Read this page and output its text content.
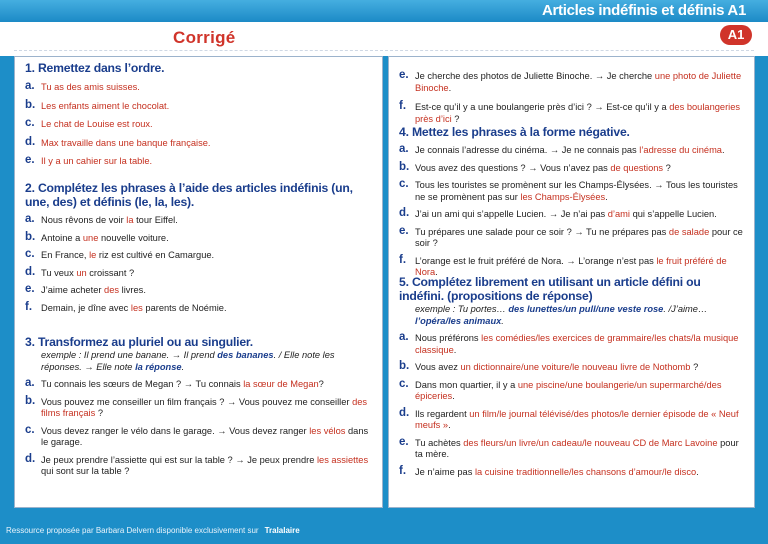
Articles indéfinis et définis A1
Corrigé	A1
1. Remettez dans l’ordre.
a. Tu as des amis suisses.
b. Les enfants aiment le chocolat.
c. Le chat de Louise est roux.
d. Max travaille dans une banque française.
e. Il y a un cahier sur la table.
2. Complétez les phrases à l’aide des articles indéfinis (un, une, des) et définis (le, la, les).
a. Nous rêvons de voir la tour Eiffel.
b. Antoine a une nouvelle voiture.
c. En France, le riz est cultivé en Camargue.
d. Tu veux un croissant ?
e. J’aime acheter des livres.
f. Demain, je dîne avec les parents de Noémie.
3. Transformez au pluriel ou au singulier.
exemple : Il prend une banane. → Il prend des bananes. / Elle note les réponses. → Elle note la réponse.
a. Tu connais les sœurs de Megan ? → Tu connais la sœur de Megan?
b. Vous pouvez me conseiller un film français ? → Vous pouvez me conseiller des films français ?
c. Vous devez ranger le vélo dans le garage. → Vous devez ranger les vélos dans le garage.
d. Je peux prendre l’assiette qui est sur la table ? → Je peux prendre les assiettes qui sont sur la table ?
e. Je cherche des photos de Juliette Binoche. → Je cherche une photo de Juliette Binoche.
f. Est-ce qu’il y a une boulangerie près d’ici ? → Est-ce qu’il y a des boulangeries près d’ici ?
4. Mettez les phrases à la forme négative.
a. Je connais l’adresse du cinéma. → Je ne connais pas l’adresse du cinéma.
b. Vous avez des questions ? → Vous n’avez pas de questions ?
c. Tous les touristes se promènent sur les Champs-Élysées. → Tous les touristes ne se promènent pas sur les Champs-Élysées.
d. J’ai un ami qui s’appelle Lucien. → Je n’ai pas d’ami qui s’appelle Lucien.
e. Tu prépares une salade pour ce soir ? → Tu ne prépares pas de salade pour ce soir ?
f. L’orange est le fruit préféré de Nora. → L’orange n’est pas le fruit préféré de Nora.
5. Complétez librement en utilisant un article défini ou indéfini. (propositions de réponse)
exemple : Tu portes… des lunettes/un pull/une veste rose. /J’aime… l’opéra/les animaux.
a. Nous préférons les comédies/les exercices de grammaire/les chats/la musique classique.
b. Vous avez un dictionnaire/une voiture/le nouveau livre de Nothomb ?
c. Dans mon quartier, il y a une piscine/une boulangerie/un supermarché/des épiceries.
d. Ils regardent un film/le journal télévisé/des photos/le dernier épisode de « Neuf meufs ».
e. Tu achètes des fleurs/un livre/un cadeau/le nouveau CD de Marc Lavoine pour ta mère.
f. Je n’aime pas la cuisine traditionnelle/les chansons d’amour/le disco.
Ressource proposée par Barbara Delvern disponible exclusivement sur Tralalaire
